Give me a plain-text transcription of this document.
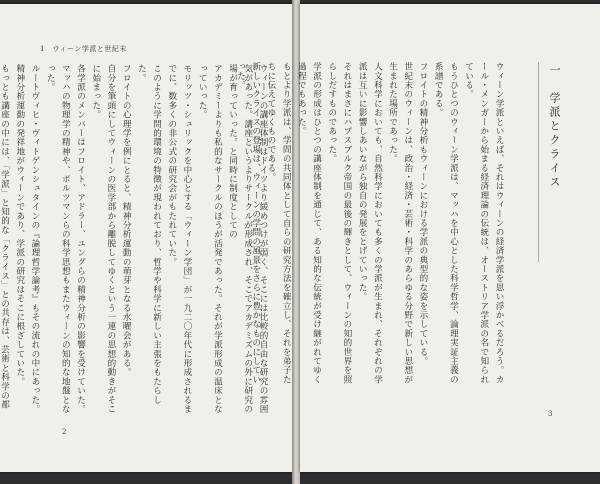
1　ウィーン学派と世紀末
ウィーンの講座体制はドイツより緩めつけが弱く、そこには比較的自由な研究の雰囲気があった。講座というよりサークルが形成され、そこでアカデミズムの外に研究の場が育っていった。と同時に制度としての
アカデミーよりも私的なサークルのほうが活発であった。それが学派形成の温床となっていった。
モリッツ・シュリックを中心とする「ウィーン学団」が一九二〇年代に形成されるまでに、数多くの非公式の研究会がもたれていた。
このように学問的環境の特徴が現われており、哲学や科学に新しい主張をもたらした。
フロイトの心理学を例にとると、精神分析運動の萌芽となる水曜会がある。
自分を筆頭にしてウィーンの医学部から離脱してゆくという一連の思想的動きがそこに始まった。
各学派のメンバーはフロイト、アドラー、ユングらの精神分析の影響を受けていた。
マッハの物理学の精神や、ボルツマンらの科学思想もまたウィーンの知的な地盤となった。
ルートヴィヒ・ヴィトゲンシュタインの『論理哲学論考』もその流れの中にあった。
精神分析運動の発祥地がウィーンであり、学派の研究はそこに根ざしていた。
もっとも講座の中には、「学派」と知的な「クライス」との共存は、芸術と科学の都
ウィーン学派といえば、それはウィーンの経済学派を思い浮かべるだろう。カール・メンガーから始まる経済理論の伝統は、オーストリア学派の名で知られている。
もうひとつのウィーン学派は、マッハを中心とした科学哲学、論理実証主義の系譜である。
フロイトの精神分析もウィーンにおける学派の典型的な姿を示している。
世紀末のウィーンは、政治・経済・芸術・科学のあらゆる分野で新しい思想が生まれた場所であった。
人文科学においても、自然科学においても多くの学派が生まれ、それぞれの学派は互いに影響しあいながら独自の発展をとげていった。
それはまさにハプスブルク帝国の最後の輝きとして、ウィーンの知的世界を照らしだすものであった。
学派の形成はひとつの講座体制を通じて、ある知的な伝統が受け継がれてゆく過程でもあった。
もとより学派は、学問の共同体として自らの研究方法を確立し、それを弟子たちに伝えてゆくものである。
新しいクライスの登場は、ウィーンの学問の風景をさらに豊かなものにしていった。	一　学派とクライス
2
3
